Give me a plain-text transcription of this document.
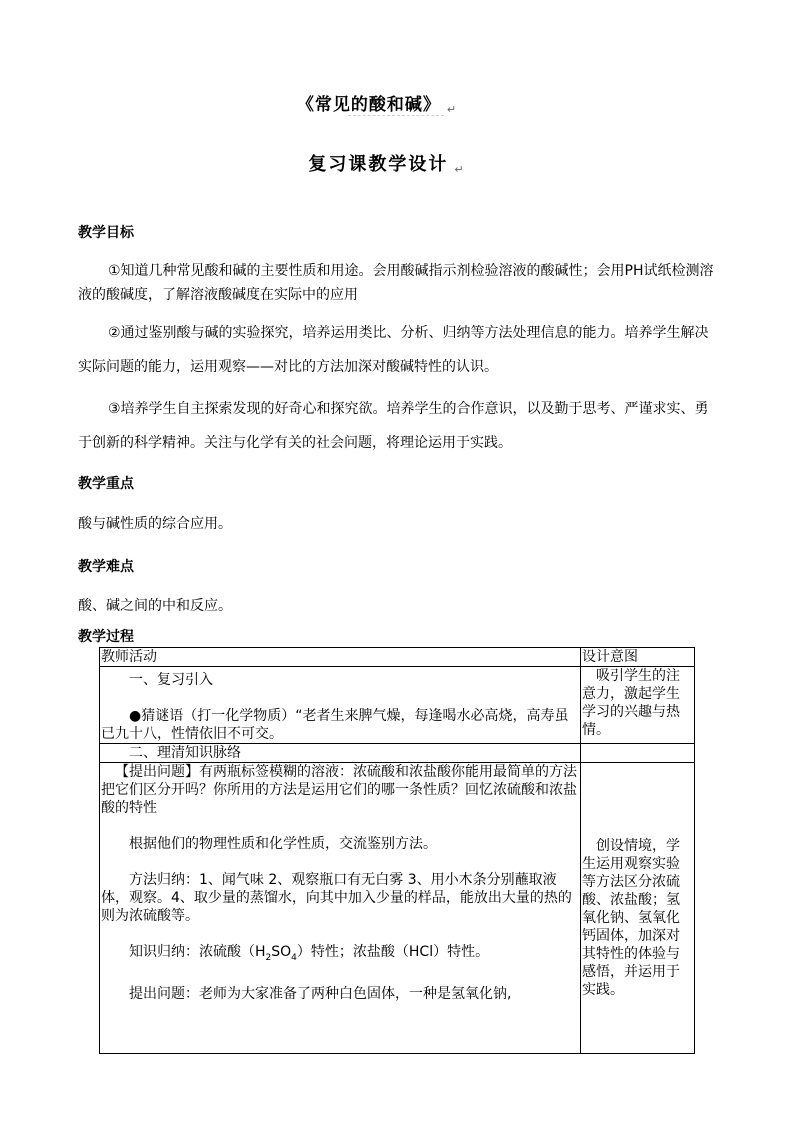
《常见的酸和碱》 ↵
复习课教学设计 ↵
教学目标
①知道几种常见酸和碱的主要性质和用途。会用酸碱指示剂检验溶液的酸碱性；会用PH试纸检测溶液的酸碱度，了解溶液酸碱度在实际中的应用
②通过鉴别酸与碱的实验探究，培养运用类比、分析、归纳等方法处理信息的能力。培养学生解决实际问题的能力，运用观察——对比的方法加深对酸碱特性的认识。
③培养学生自主探索发现的好奇心和探究欲。培养学生的合作意识，以及勤于思考、严谨求实、勇于创新的科学精神。关注与化学有关的社会问题，将理论运用于实践。
教学重点
酸与碱性质的综合应用。
教学难点
酸、碱之间的中和反应。
教学过程
教师活动	设计意图

一、复习引入

●猜谜语（打一化学物质）“老者生来脾气燥，每逢喝水必高烧，高寿虽已九十八，性情依旧不可交。	吸引学生的注意力，激起学生学习的兴趣与热情。

二、理清知识脉络	

【提出问题】有两瓶标签模糊的溶液：浓硫酸和浓盐酸你能用最简单的方法把它们区分开吗？你所用的方法是运用它们的哪一条性质？回忆浓硫酸和浓盐酸的特性

根据他们的物理性质和化学性质，交流鉴别方法。

方法归纳：1、闻气味 2、观察瓶口有无白雾 3、用小木条分别蘸取液体，观察。4、取少量的蒸馏水，向其中加入少量的样品，能放出大量的热的则为浓硫酸等。

知识归纳：浓硫酸$(H_2SO_4)$特性；浓盐酸（HCl）特性。

提出问题：老师为大家准备了两种白色固体，一种是氢氧化钠,	创设情境，学生运用观察实验等方法区分浓硫酸、浓盐酸；氢氧化钠、氢氧化钙固体，加深对其特性的体验与感悟，并运用于实践。
